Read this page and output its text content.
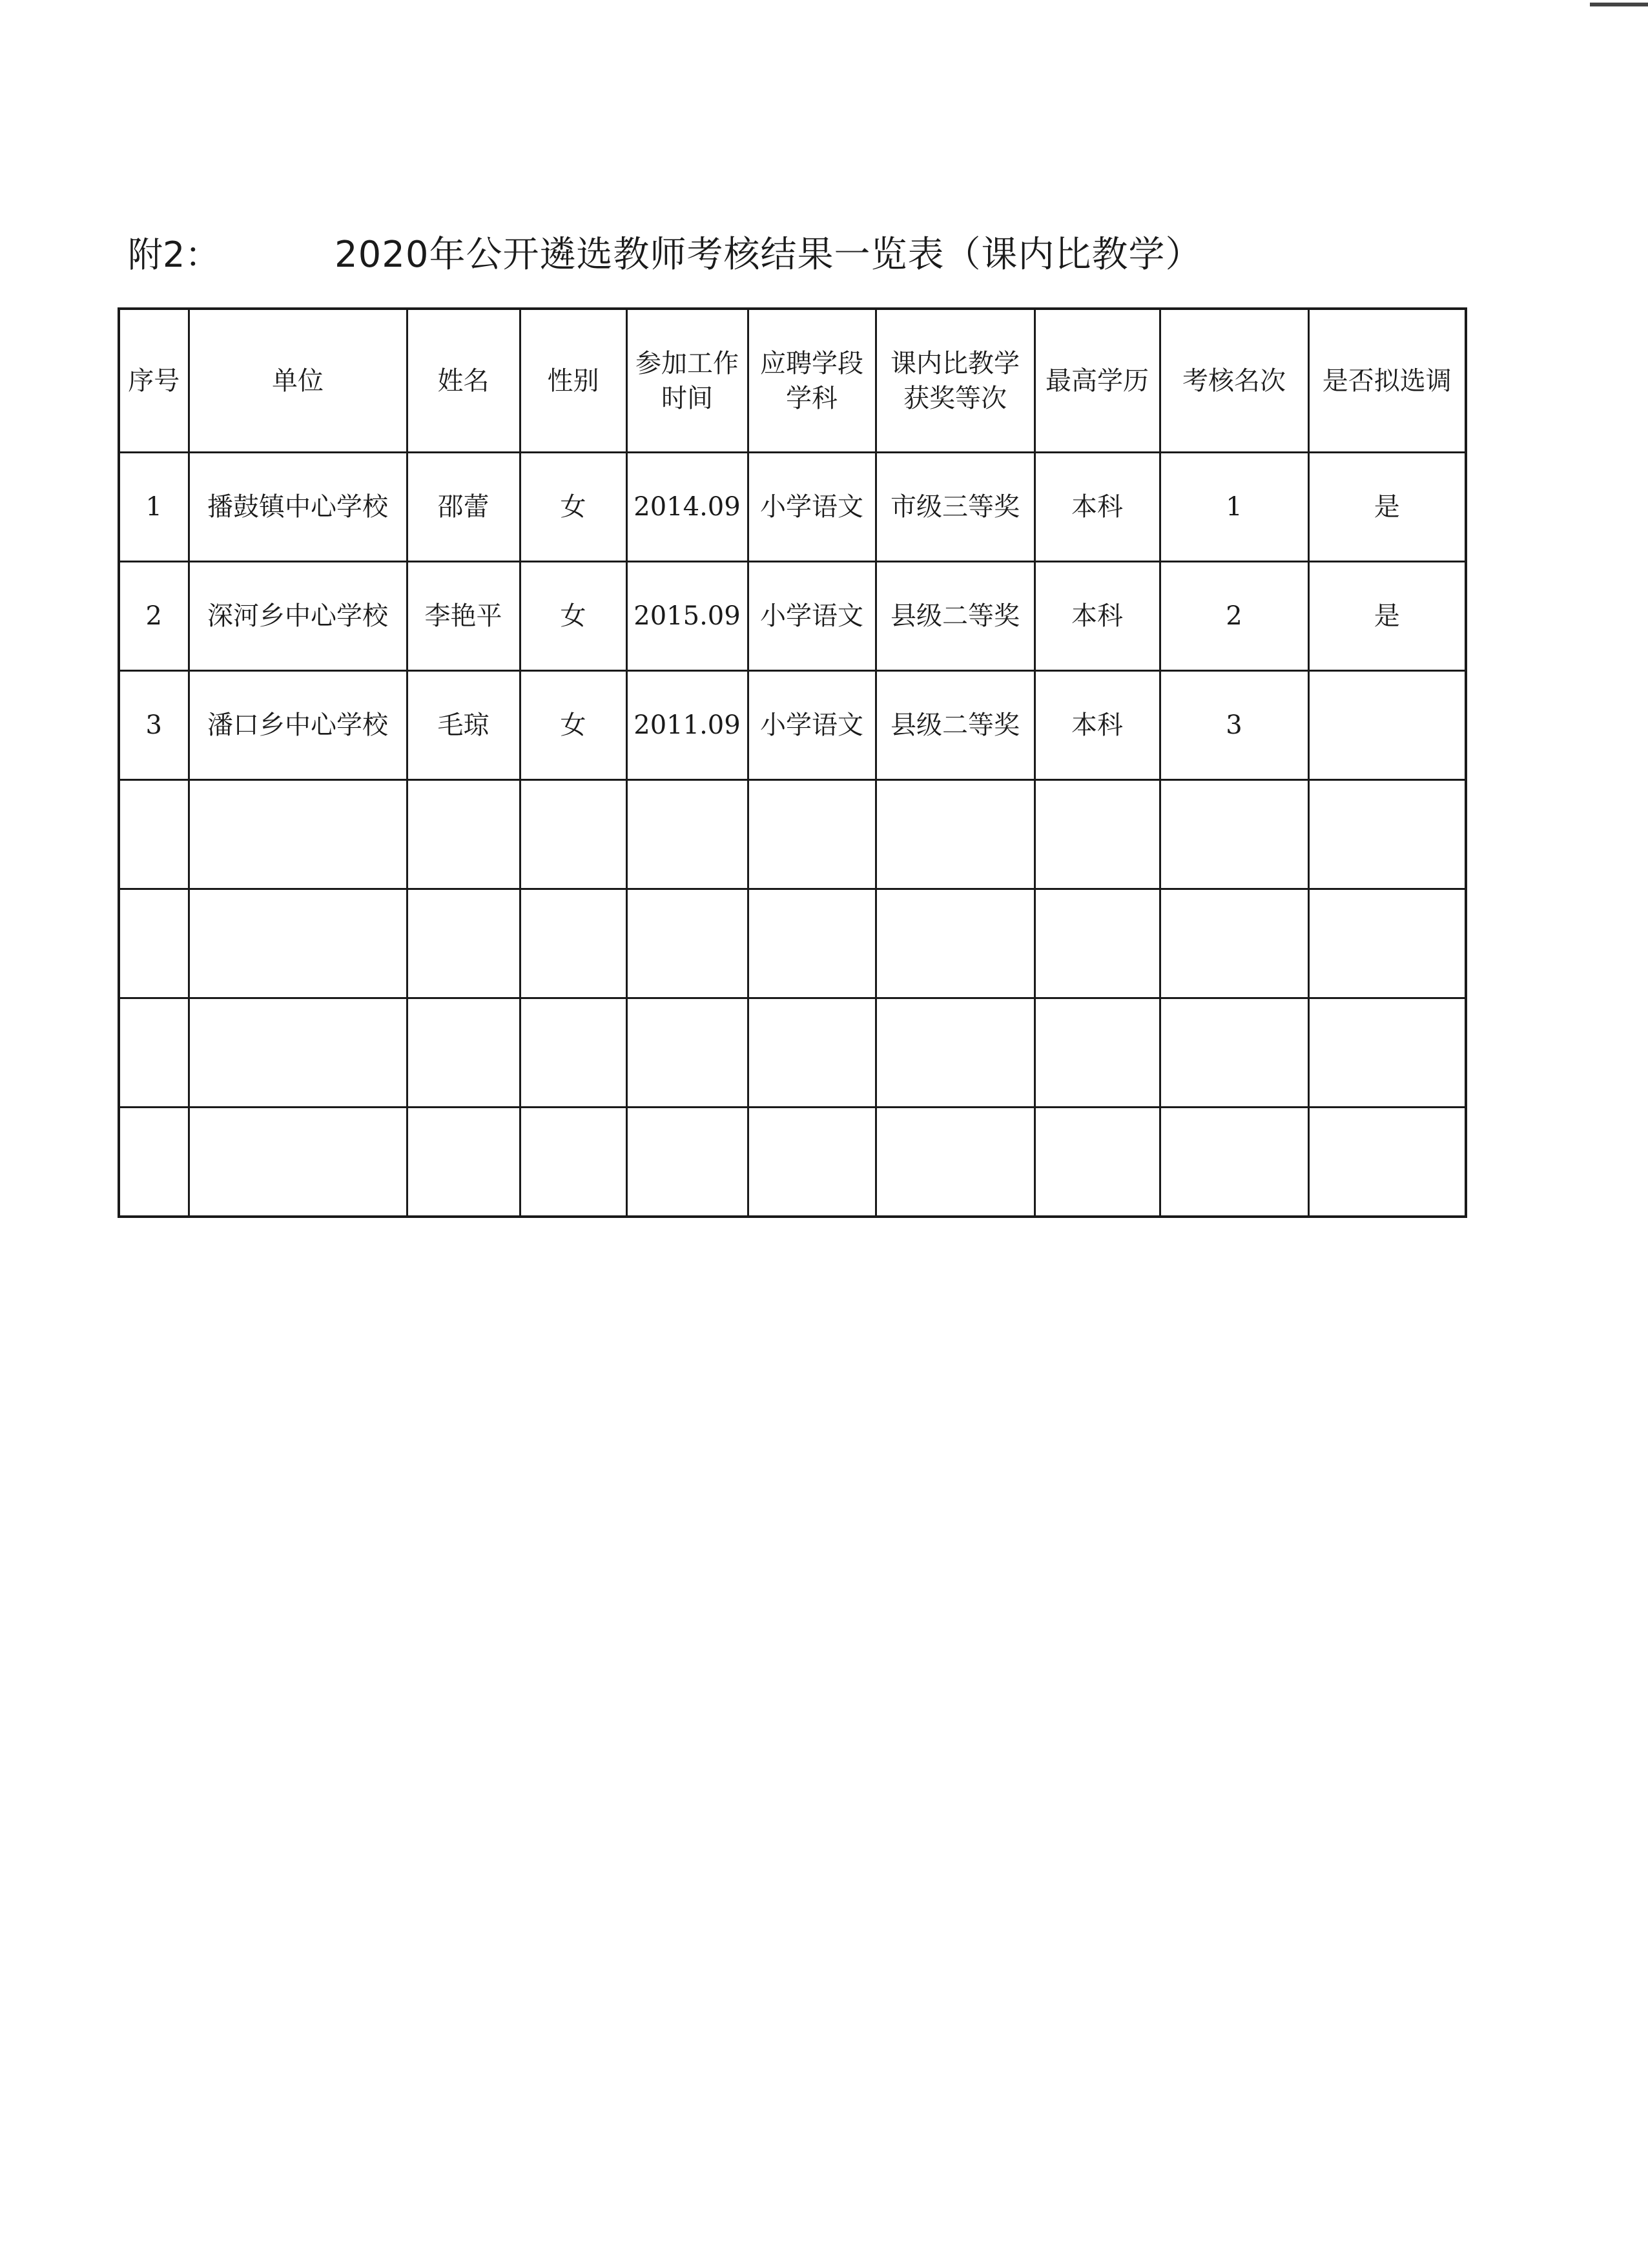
附2：	2020年公开遴选教师考核结果一览表（课内比教学）
序号	单位	姓名	性别	参加工作时间	应聘学段学科	课内比教学获奖等次	最高学历	考核名次	是否拟选调
1	播鼓镇中心学校	邵蕾	女	2014.09	小学语文	市级三等奖	本科	1	是
2	深河乡中心学校	李艳平	女	2015.09	小学语文	县级二等奖	本科	2	是
3	潘口乡中心学校	毛琼	女	2011.09	小学语文	县级二等奖	本科	3	
